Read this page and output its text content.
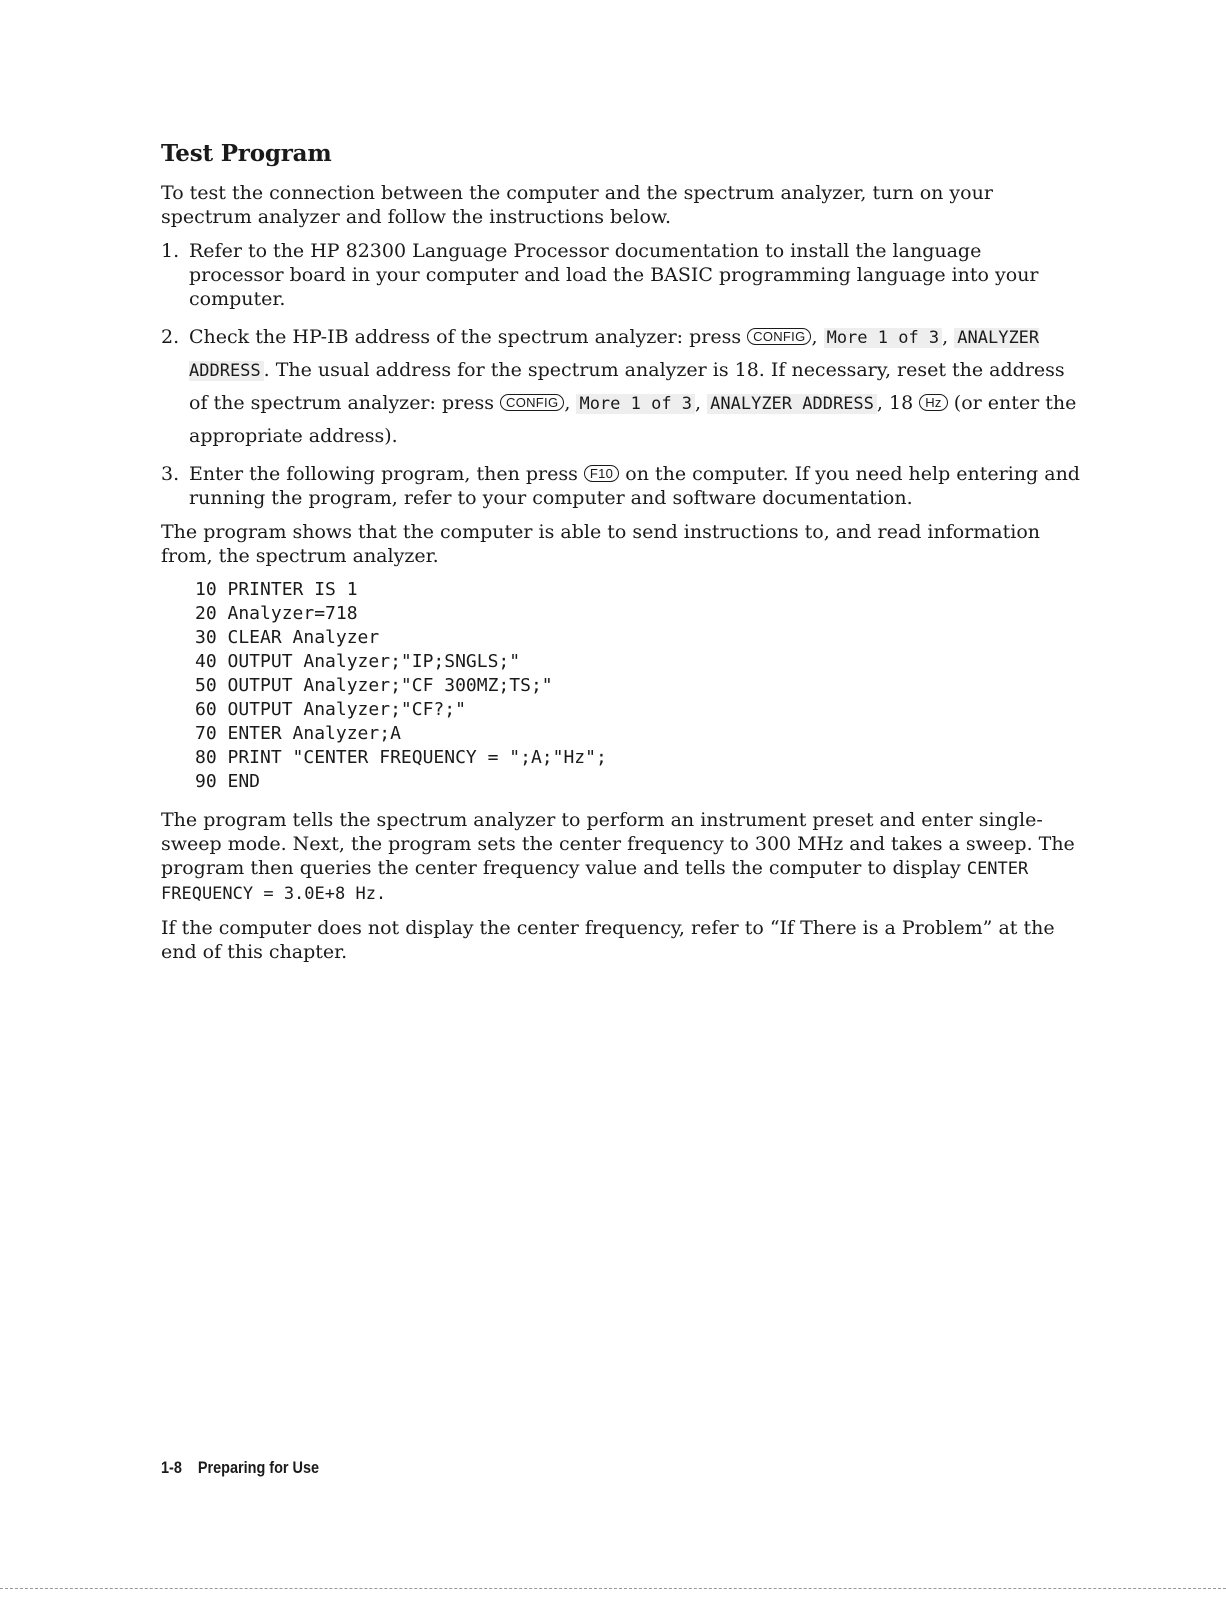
Test Program

To test the connection between the computer and the spectrum analyzer, turn on your spectrum analyzer and follow the instructions below.

1. Refer to the HP 82300 Language Processor documentation to install the language processor board in your computer and load the BASIC programming language into your computer.
2. Check the HP-IB address of the spectrum analyzer: press CONFIG , More 1 of 3 , ANALYZER ADDRESS . The usual address for the spectrum analyzer is 18. If necessary, reset the address of the spectrum analyzer: press CONFIG , More 1 of 3 , ANALYZER ADDRESS , 18 Hz (or enter the appropriate address).
3. Enter the following program, then press F10 on the computer. If you need help entering and running the program, refer to your computer and software documentation.

The program shows that the computer is able to send instructions to, and read information from, the spectrum analyzer.

10 PRINTER IS 1
20 Analyzer=718
30 CLEAR Analyzer
40 OUTPUT Analyzer;"IP;SNGLS;"
50 OUTPUT Analyzer;"CF 300MZ;TS;"
60 OUTPUT Analyzer;"CF?;"
70 ENTER Analyzer;A
80 PRINT "CENTER FREQUENCY = ";A;"Hz";
90 END

The program tells the spectrum analyzer to perform an instrument preset and enter single-sweep mode. Next, the program sets the center frequency to 300 MHz and takes a sweep. The program then queries the center frequency value and tells the computer to display CENTER FREQUENCY = 3.0E+8 Hz.

If the computer does not display the center frequency, refer to “If There is a Problem” at the end of this chapter.

1-8 Preparing for Use
